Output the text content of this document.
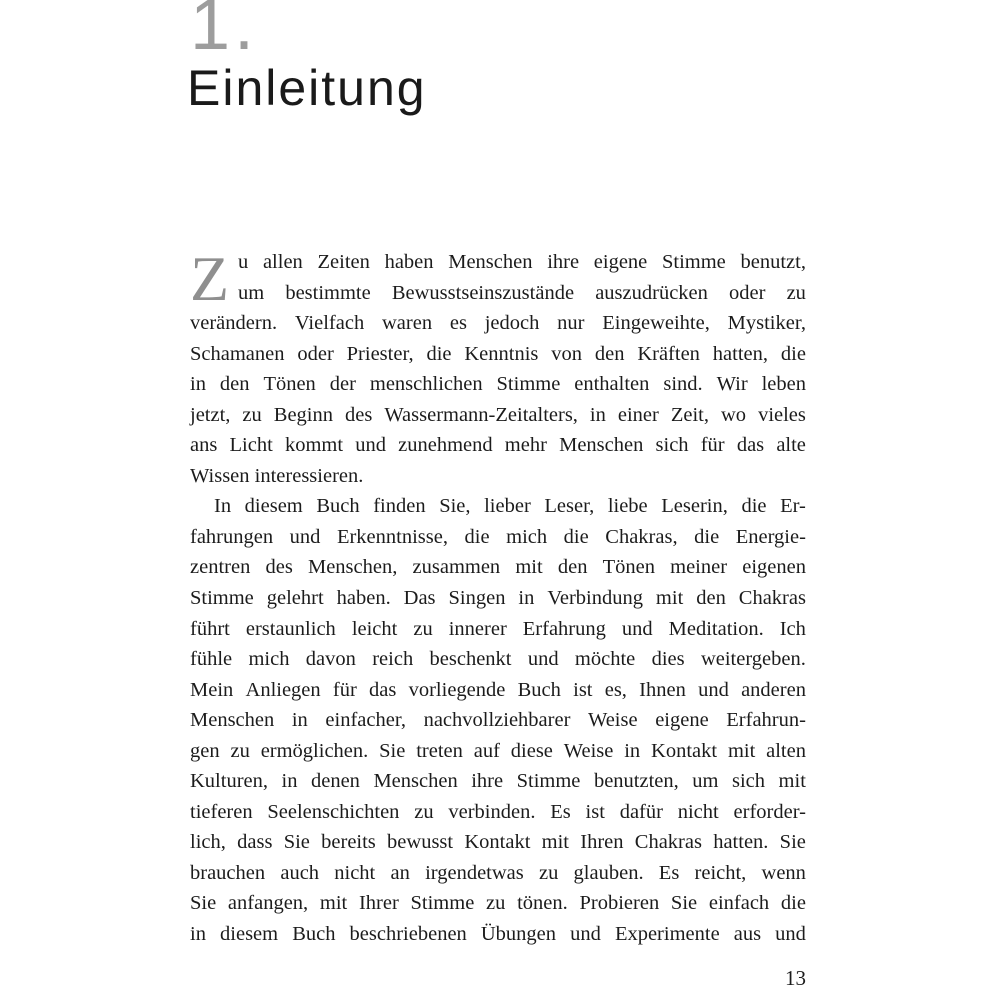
1.
Einleitung
Z u allen Zeiten haben Menschen ihre eigene Stimme benutzt,
um bestimmte Bewusstseinszustände auszudrücken oder zu
verändern. Vielfach waren es jedoch nur Eingeweihte, Mystiker,
Schamanen oder Priester, die Kenntnis von den Kräften hatten, die
in den Tönen der menschlichen Stimme enthalten sind. Wir leben
jetzt, zu Beginn des Wassermann-Zeitalters, in einer Zeit, wo vieles
ans Licht kommt und zunehmend mehr Menschen sich für das alte
Wissen interessieren.
In diesem Buch finden Sie, lieber Leser, liebe Leserin, die Er-
fahrungen und Erkenntnisse, die mich die Chakras, die Energie-
zentren des Menschen, zusammen mit den Tönen meiner eigenen
Stimme gelehrt haben. Das Singen in Verbindung mit den Chakras
führt erstaunlich leicht zu innerer Erfahrung und Meditation. Ich
fühle mich davon reich beschenkt und möchte dies weitergeben.
Mein Anliegen für das vorliegende Buch ist es, Ihnen und anderen
Menschen in einfacher, nachvollziehbarer Weise eigene Erfahrun-
gen zu ermöglichen. Sie treten auf diese Weise in Kontakt mit alten
Kulturen, in denen Menschen ihre Stimme benutzten, um sich mit
tieferen Seelenschichten zu verbinden. Es ist dafür nicht erforder-
lich, dass Sie bereits bewusst Kontakt mit Ihren Chakras hatten. Sie
brauchen auch nicht an irgendetwas zu glauben. Es reicht, wenn
Sie anfangen, mit Ihrer Stimme zu tönen. Probieren Sie einfach die
in diesem Buch beschriebenen Übungen und Experimente aus und
13
